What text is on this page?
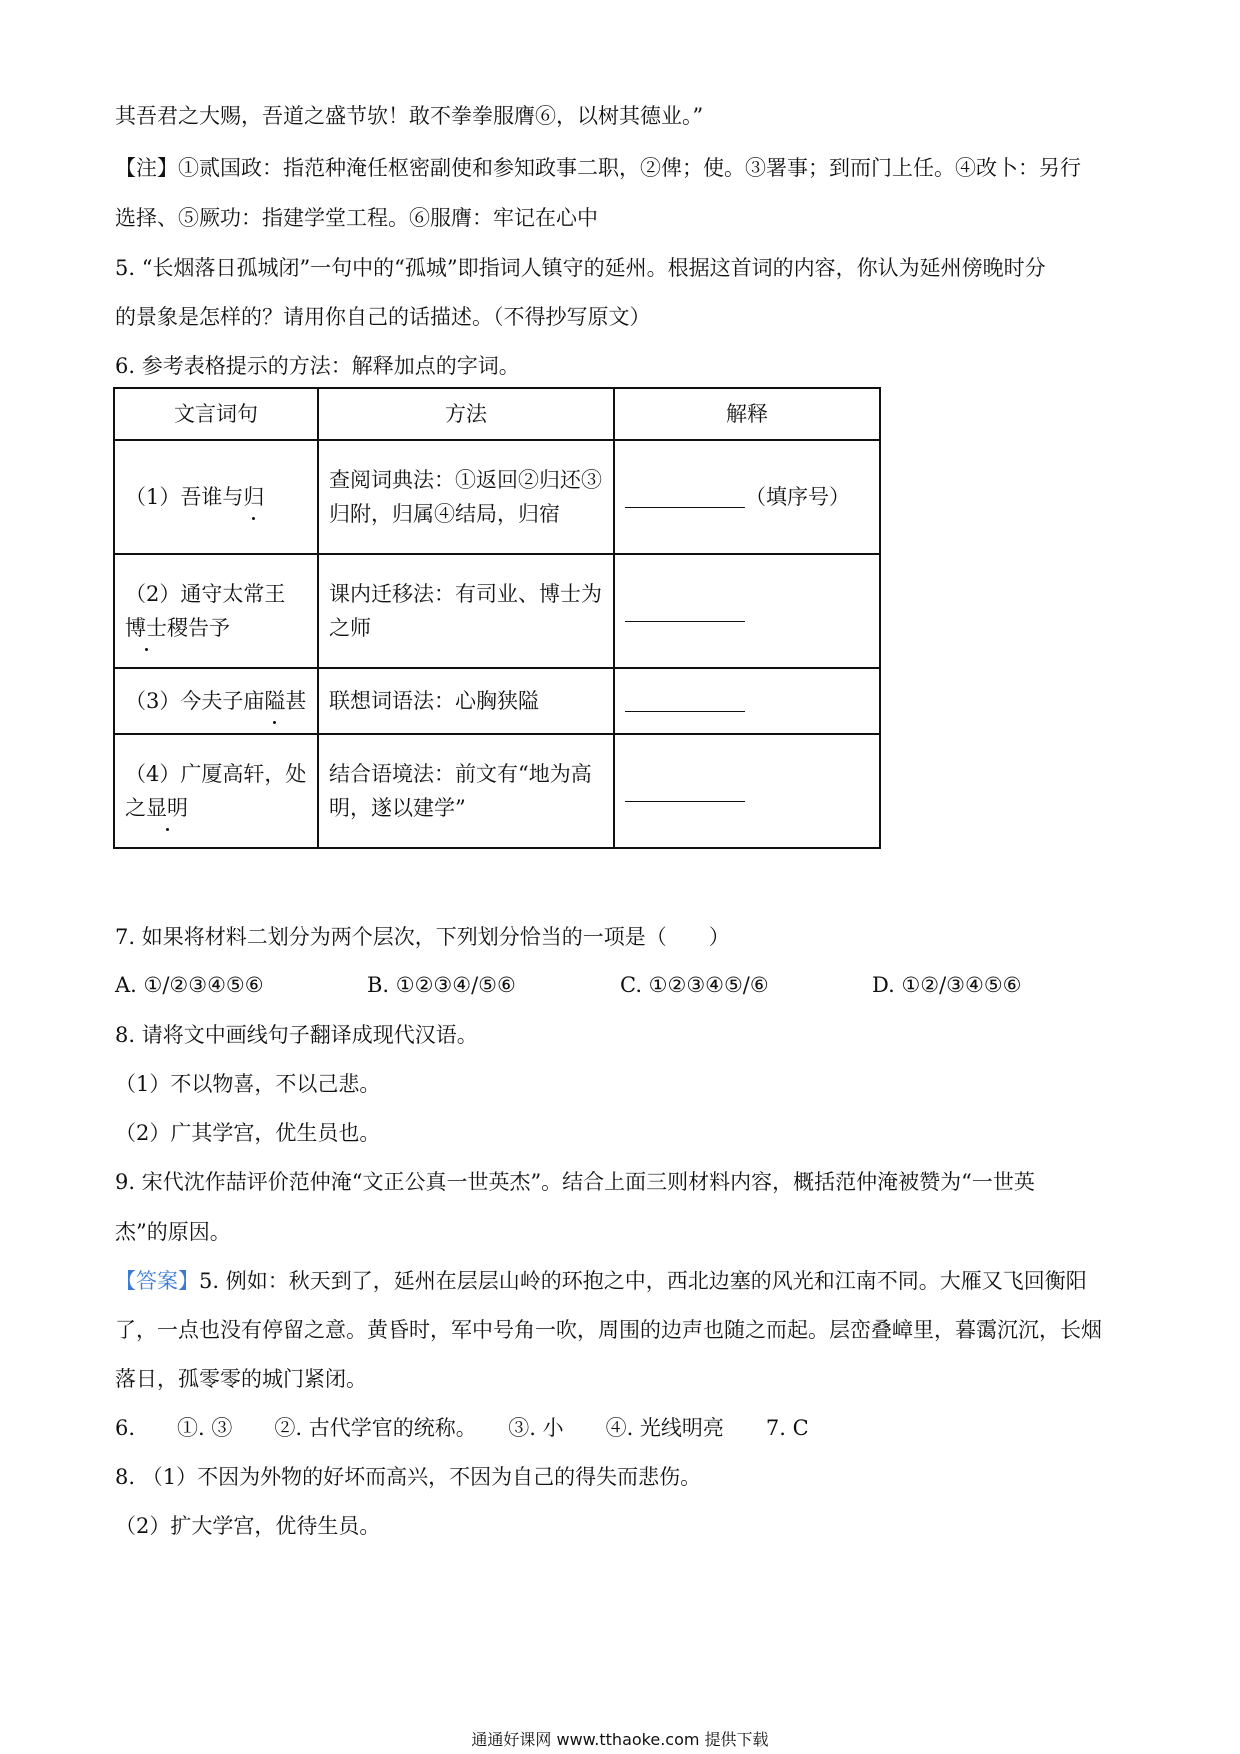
其吾君之大赐，吾道之盛节欤！敢不拳拳服膺⑥，以树其德业。”
【注】①贰国政：指范种淹任枢密副使和参知政事二职，②俾；使。③署事；到而门上任。④改卜：另行
选择、⑤厥功：指建学堂工程。⑥服膺：牢记在心中
5. “长烟落日孤城闭”一句中的“孤城”即指词人镇守的延州。根据这首词的内容，你认为延州傍晚时分
的景象是怎样的？请用你自己的话描述。（不得抄写原文）
6. 参考表格提示的方法：解释加点的字词。
文言词句	方法	解释
（1）吾谁与归	查阅词典法：①返回②归还③归附，归属④结局，归宿	（填序号）
（2）通守太常王博士稷告予	课内迁移法：有司业、博士为之师	
（3）今夫子庙隘甚	联想词语法：心胸狭隘	
（4）广厦高轩，处之显明	结合语境法：前文有“地为高明，遂以建学”	
7. 如果将材料二划分为两个层次，下列划分恰当的一项是（　　）
A. ①/②③④⑤⑥	B. ①②③④/⑤⑥	C. ①②③④⑤/⑥	D. ①②/③④⑤⑥
8. 请将文中画线句子翻译成现代汉语。
（1）不以物喜，不以己悲。
（2）广其学宫，优生员也。
9. 宋代沈作喆评价范仲淹“文正公真一世英杰”。结合上面三则材料内容，概括范仲淹被赞为“一世英
杰”的原因。
【答案】5. 例如：秋天到了，延州在层层山岭的环抱之中，西北边塞的风光和江南不同。大雁又飞回衡阳
了，一点也没有停留之意。黄昏时，军中号角一吹，周围的边声也随之而起。层峦叠嶂里，暮霭沉沉，长烟
落日，孤零零的城门紧闭。
6.　　①. ③　　②. 古代学官的统称。　　③. 小　　④. 光线明亮　　7. C
8. （1）不因为外物的好坏而高兴，不因为自己的得失而悲伤。
（2）扩大学宫，优待生员。
通通好课网 www.tthaoke.com 提供下载
